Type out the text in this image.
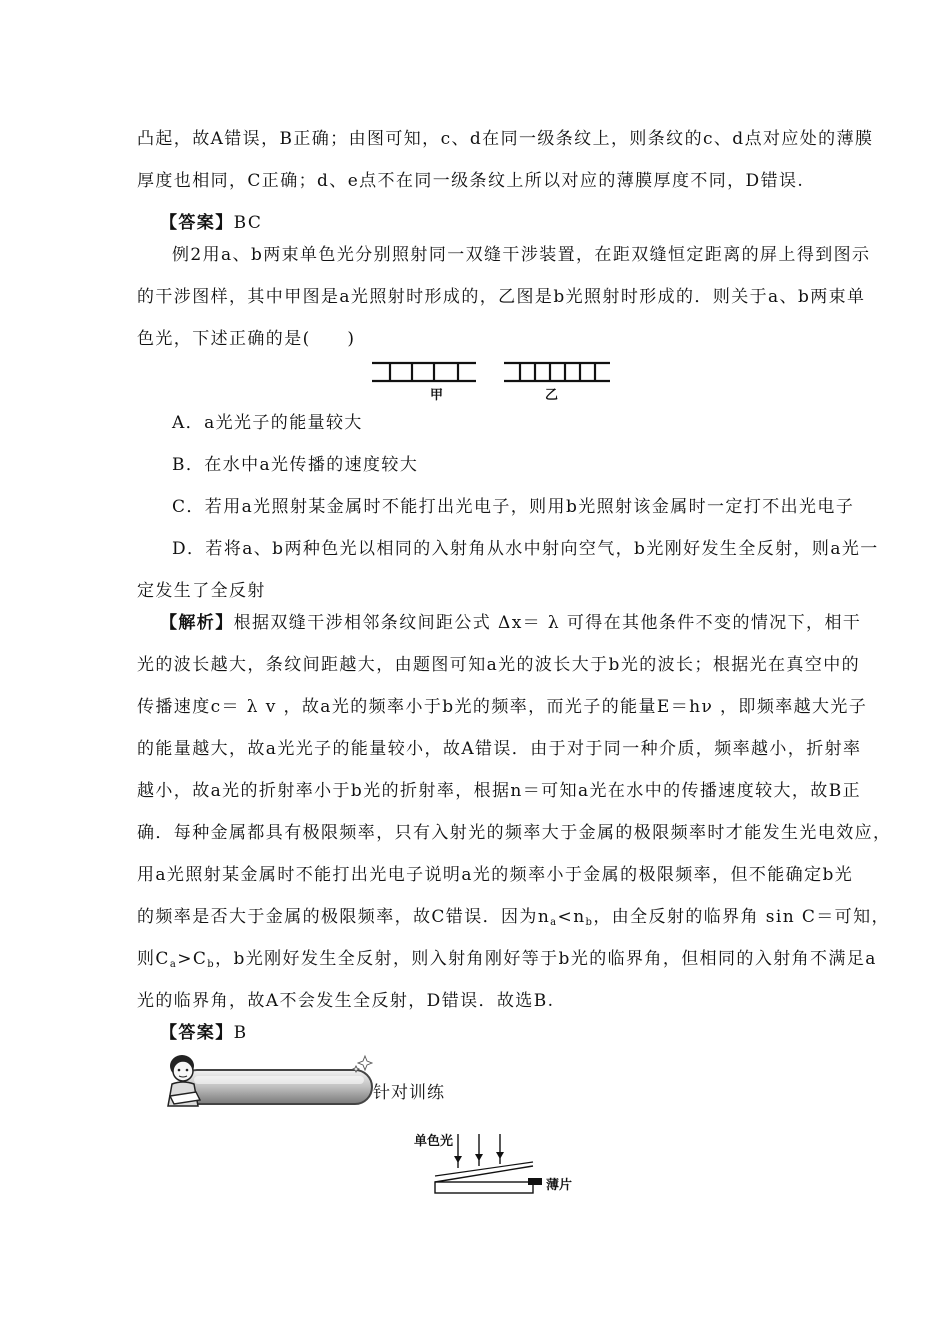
凸起，故A错误，B正确；由图可知，c、d在同一级条纹上，则条纹的c、d点对应处的薄膜
厚度也相同，C正确；d、e点不在同一级条纹上所以对应的薄膜厚度不同，D错误.
【答案】BC
例2用a、b两束单色光分别照射同一双缝干涉装置，在距双缝恒定距离的屏上得到图示
的干涉图样，其中甲图是a光照射时形成的，乙图是b光照射时形成的．则关于a、b两束单
色光，下述正确的是(　　)
甲	乙
A．a光光子的能量较大
B．在水中a光传播的速度较大
C．若用a光照射某金属时不能打出光电子，则用b光照射该金属时一定打不出光电子
D．若将a、b两种色光以相同的入射角从水中射向空气，b光刚好发生全反射，则a光一
定发生了全反射
【解析】根据双缝干涉相邻条纹间距公式 Δx＝ λ 可得在其他条件不变的情况下，相干
光的波长越大，条纹间距越大，由题图可知a光的波长大于b光的波长；根据光在真空中的
传播速度c＝ λ v ，故a光的频率小于b光的频率，而光子的能量E＝hν ，即频率越大光子
的能量越大，故a光光子的能量较小，故A错误．由于对于同一种介质，频率越小，折射率
越小，故a光的折射率小于b光的折射率，根据n＝可知a光在水中的传播速度较大，故B正
确．每种金属都具有极限频率，只有入射光的频率大于金属的极限频率时才能发生光电效应，
用a光照射某金属时不能打出光电子说明a光的频率小于金属的极限频率，但不能确定b光
的频率是否大于金属的极限频率，故C错误．因为$n_a<n_b$，由全反射的临界角 sin C＝可知，
则$C_a>C_b$，b光刚好发生全反射，则入射角刚好等于b光的临界角，但相同的入射角不满足a
光的临界角，故A不会发生全反射，D错误．故选B.
【答案】B
针对训练
单色光
薄片
